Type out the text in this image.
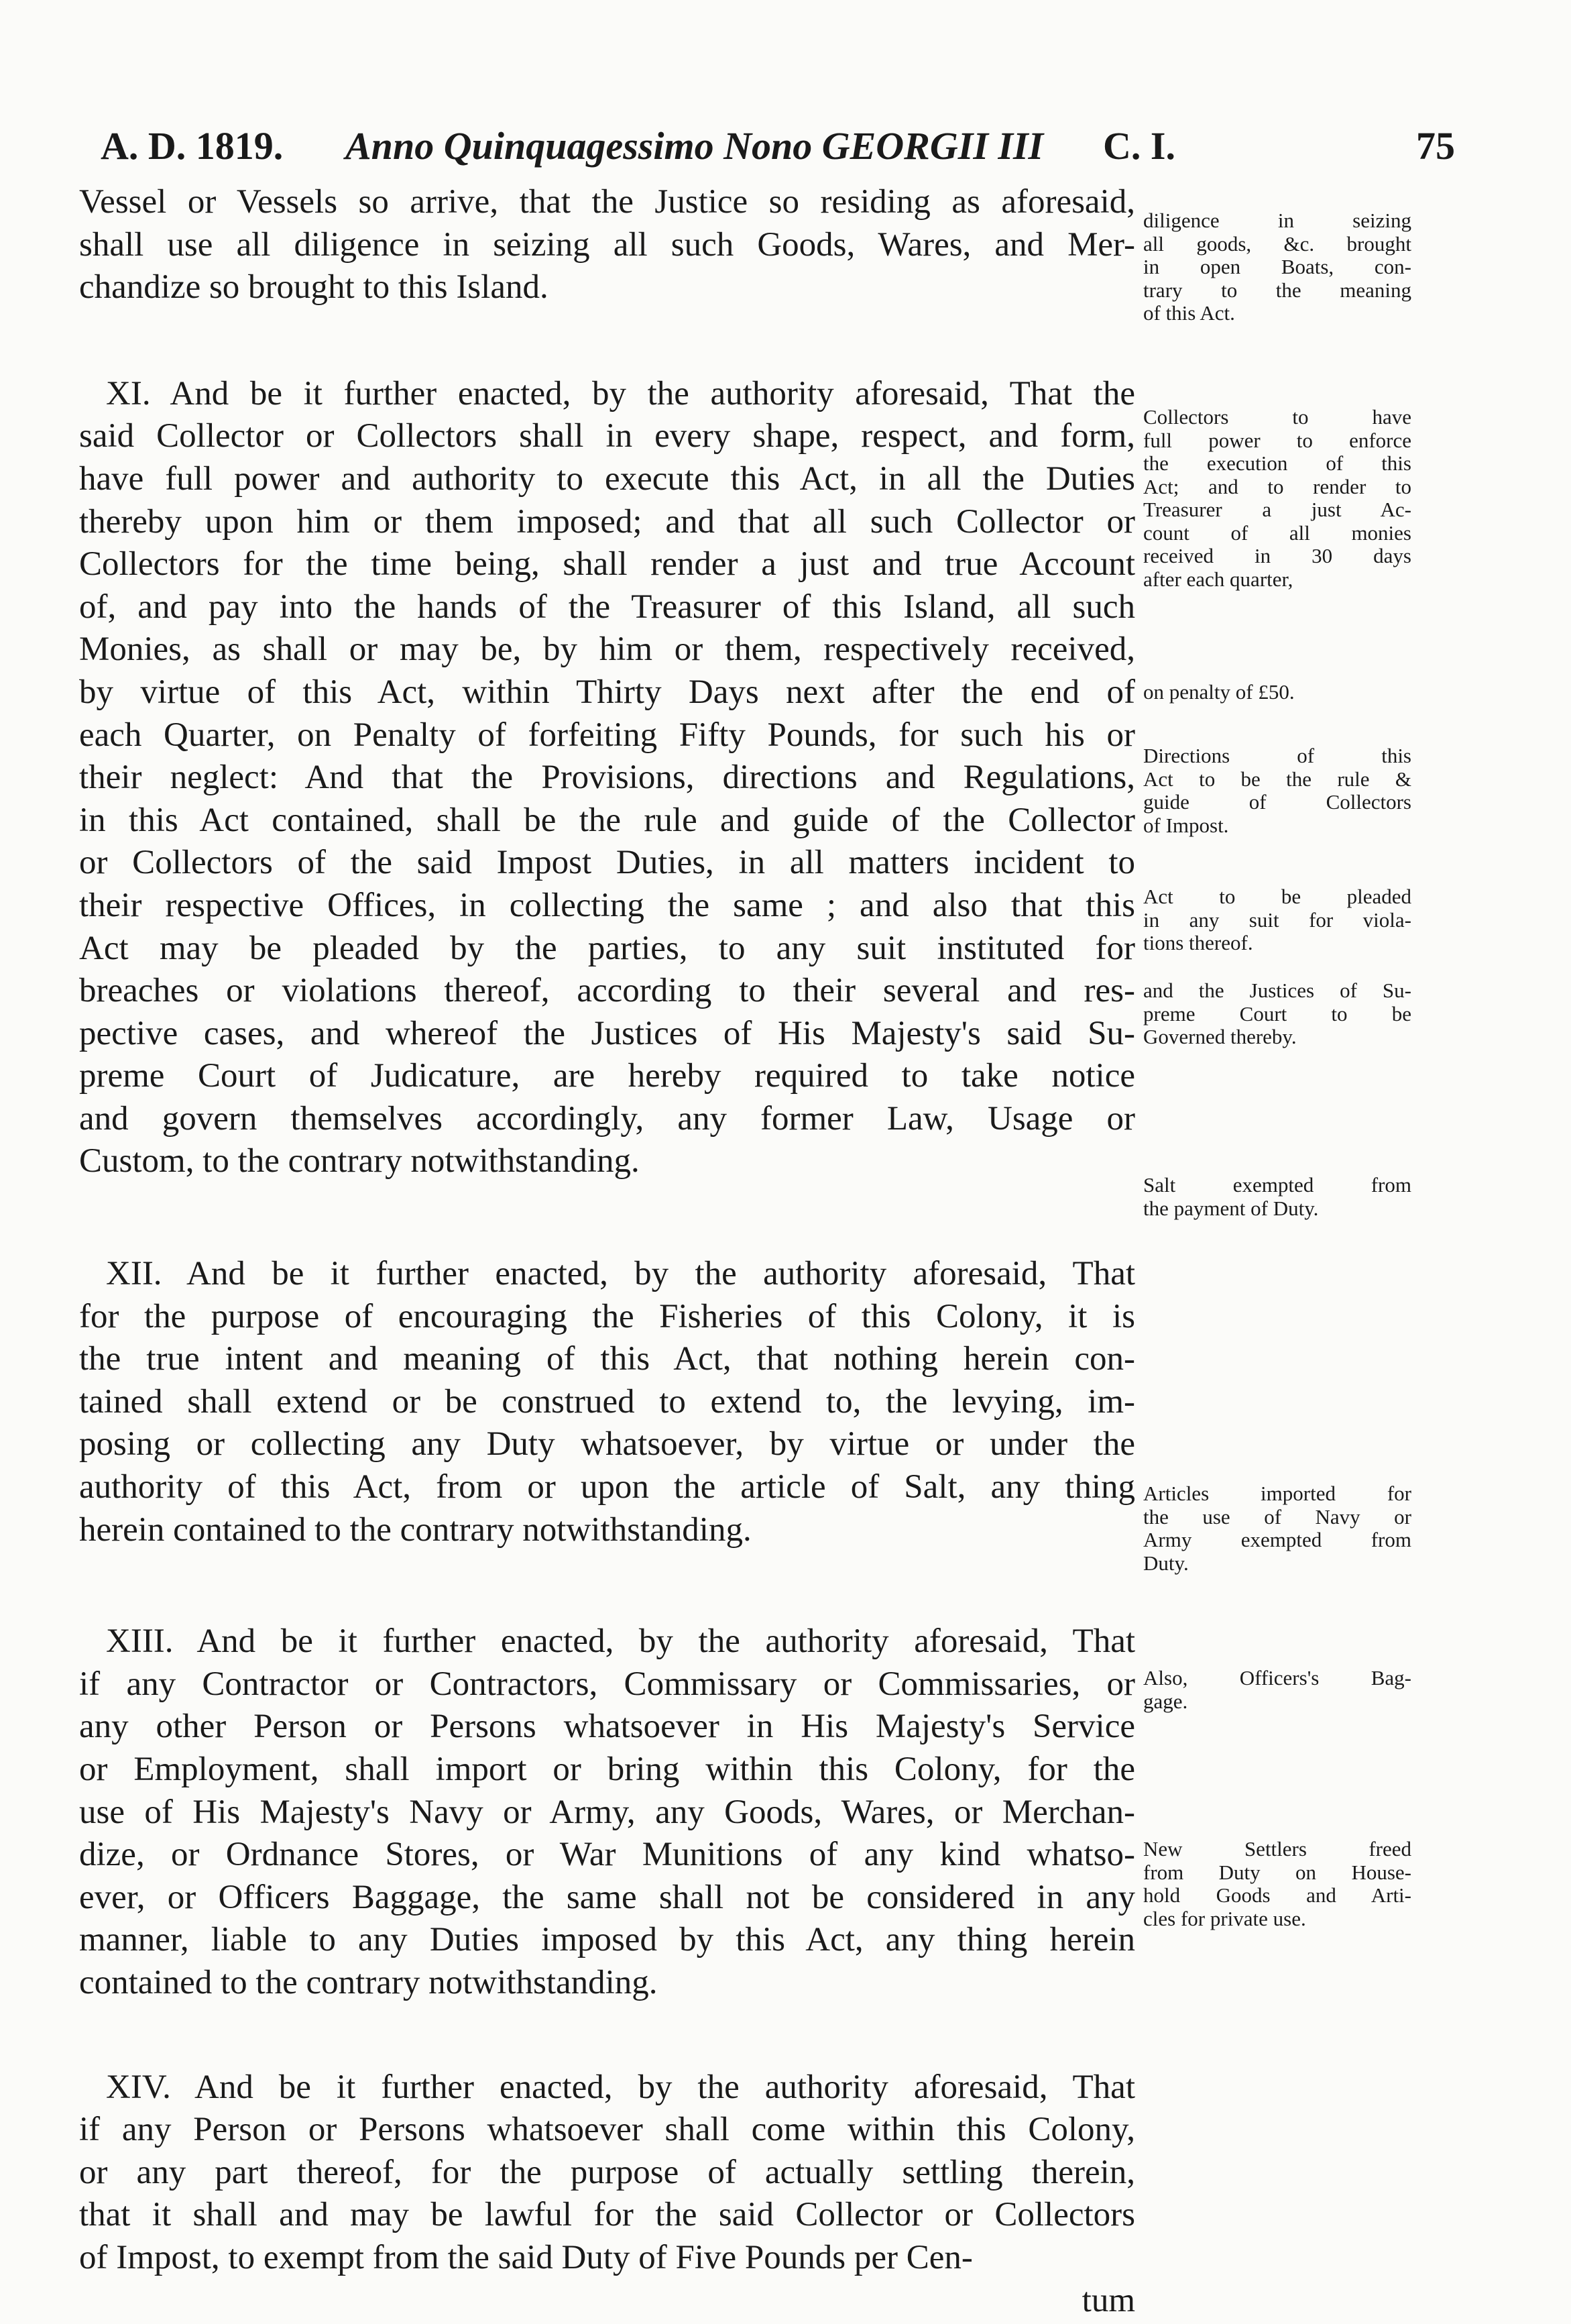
A. D. 1819. Anno Quinquagessimo Nono GEORGII III C. I.	75

Vessel or Vessels so arrive, that the Justice so residing as aforesaid,
shall use all diligence in seizing all such Goods, Wares, and Mer-
chandize so brought to this Island.

XI. And be it further enacted, by the authority aforesaid, That the
said Collector or Collectors shall in every shape, respect, and form,
have full power and authority to execute this Act, in all the Duties
thereby upon him or them imposed; and that all such Collector or
Collectors for the time being, shall render a just and true Account
of, and pay into the hands of the Treasurer of this Island, all such
Monies, as shall or may be, by him or them, respectively received,
by virtue of this Act, within Thirty Days next after the end of
each Quarter, on Penalty of forfeiting Fifty Pounds, for such his or
their neglect: And that the Provisions, directions and Regulations,
in this Act contained, shall be the rule and guide of the Collector
or Collectors of the said Impost Duties, in all matters incident to
their respective Offices, in collecting the same ; and also that this
Act may be pleaded by the parties, to any suit instituted for
breaches or violations thereof, according to their several and res-
pective cases, and whereof the Justices of His Majesty's said Su-
preme Court of Judicature, are hereby required to take notice
and govern themselves accordingly, any former Law, Usage or
Custom, to the contrary notwithstanding.

XII. And be it further enacted, by the authority aforesaid, That
for the purpose of encouraging the Fisheries of this Colony, it is
the true intent and meaning of this Act, that nothing herein con-
tained shall extend or be construed to extend to, the levying, im-
posing or collecting any Duty whatsoever, by virtue or under the
authority of this Act, from or upon the article of Salt, any thing
herein contained to the contrary notwithstanding.

XIII. And be it further enacted, by the authority aforesaid, That
if any Contractor or Contractors, Commissary or Commissaries, or
any other Person or Persons whatsoever in His Majesty's Service
or Employment, shall import or bring within this Colony, for the
use of His Majesty's Navy or Army, any Goods, Wares, or Merchan-
dize, or Ordnance Stores, or War Munitions of any kind whatso-
ever, or Officers Baggage, the same shall not be considered in any
manner, liable to any Duties imposed by this Act, any thing herein
contained to the contrary notwithstanding.

XIV. And be it further enacted, by the authority aforesaid, That
if any Person or Persons whatsoever shall come within this Colony,
or any part thereof, for the purpose of actually settling therein,
that it shall and may be lawful for the said Collector or Collectors
of Impost, to exempt from the said Duty of Five Pounds per Cen-

tum
diligence in seizing
all goods, &c. brought
in open Boats, con-
trary to the meaning
of this Act.
Collectors to have
full power to enforce
the execution of this
Act; and to render to
Treasurer a just Ac-
count of all monies
received in 30 days
after each quarter,
on penalty of £50.
Directions of this
Act to be the rule &
guide of Collectors
of Impost.
Act to be pleaded
in any suit for viola-
tions thereof.
and the Justices of Su-
preme Court to be
Governed thereby.
Salt exempted from
the payment of Duty.
Articles imported for
the use of Navy or
Army exempted from
Duty.
Also, Officers's Bag-
gage.
New Settlers freed
from Duty on House-
hold Goods and Arti-
cles for private use.
